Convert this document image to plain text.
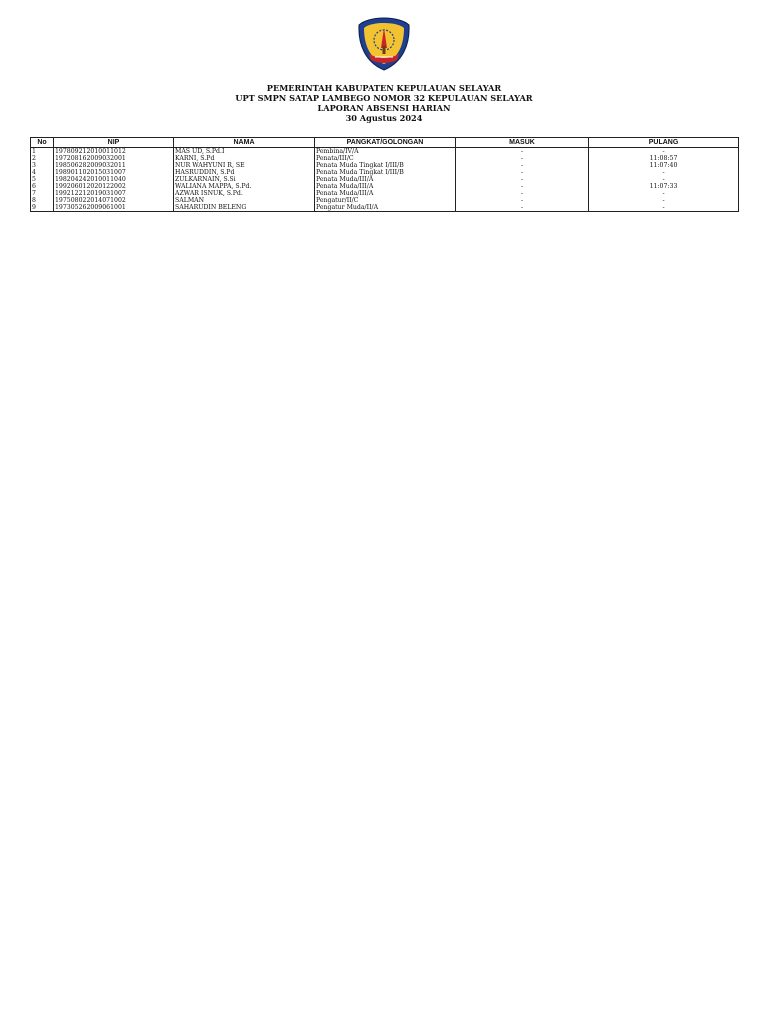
PEMERINTAH KABUPATEN KEPULAUAN SELAYAR
UPT SMPN SATAP LAMBEGO NOMOR 32 KEPULAUAN SELAYAR
LAPORAN ABSENSI HARIAN
30 Agustus 2024
No	NIP	NAMA	PANGKAT/GOLONGAN	MASUK	PULANG
1	197809212010011012	MAS UD, S.Pd.I	Pembina/IV/A	-	-
2	197208162009032001	KARNI, S.Pd	Penata/III/C	-	11:08:57
3	198506282009032011	NUR WAHYUNI R, SE	Penata Muda Tingkat I/III/B	-	11:07:40
4	198901102015031007	HASRUDDIN, S.Pd	Penata Muda Tingkat I/III/B	-	-
5	198204242010011040	ZULKARNAIN, S.Si	Penata Muda/III/A	-	-
6	199206012020122002	WALIANA MAPPA, S.Pd.	Penata Muda/III/A	-	11:07:33
7	199212212019031007	AZWAR ISNUK, S.Pd.	Penata Muda/III/A	-	-
8	197508022014071002	SALMAN	Pengatur/II/C	-	-
9	197305262009061001	SAHARUDIN BELENG	Pengatur Muda/II/A	-	-
